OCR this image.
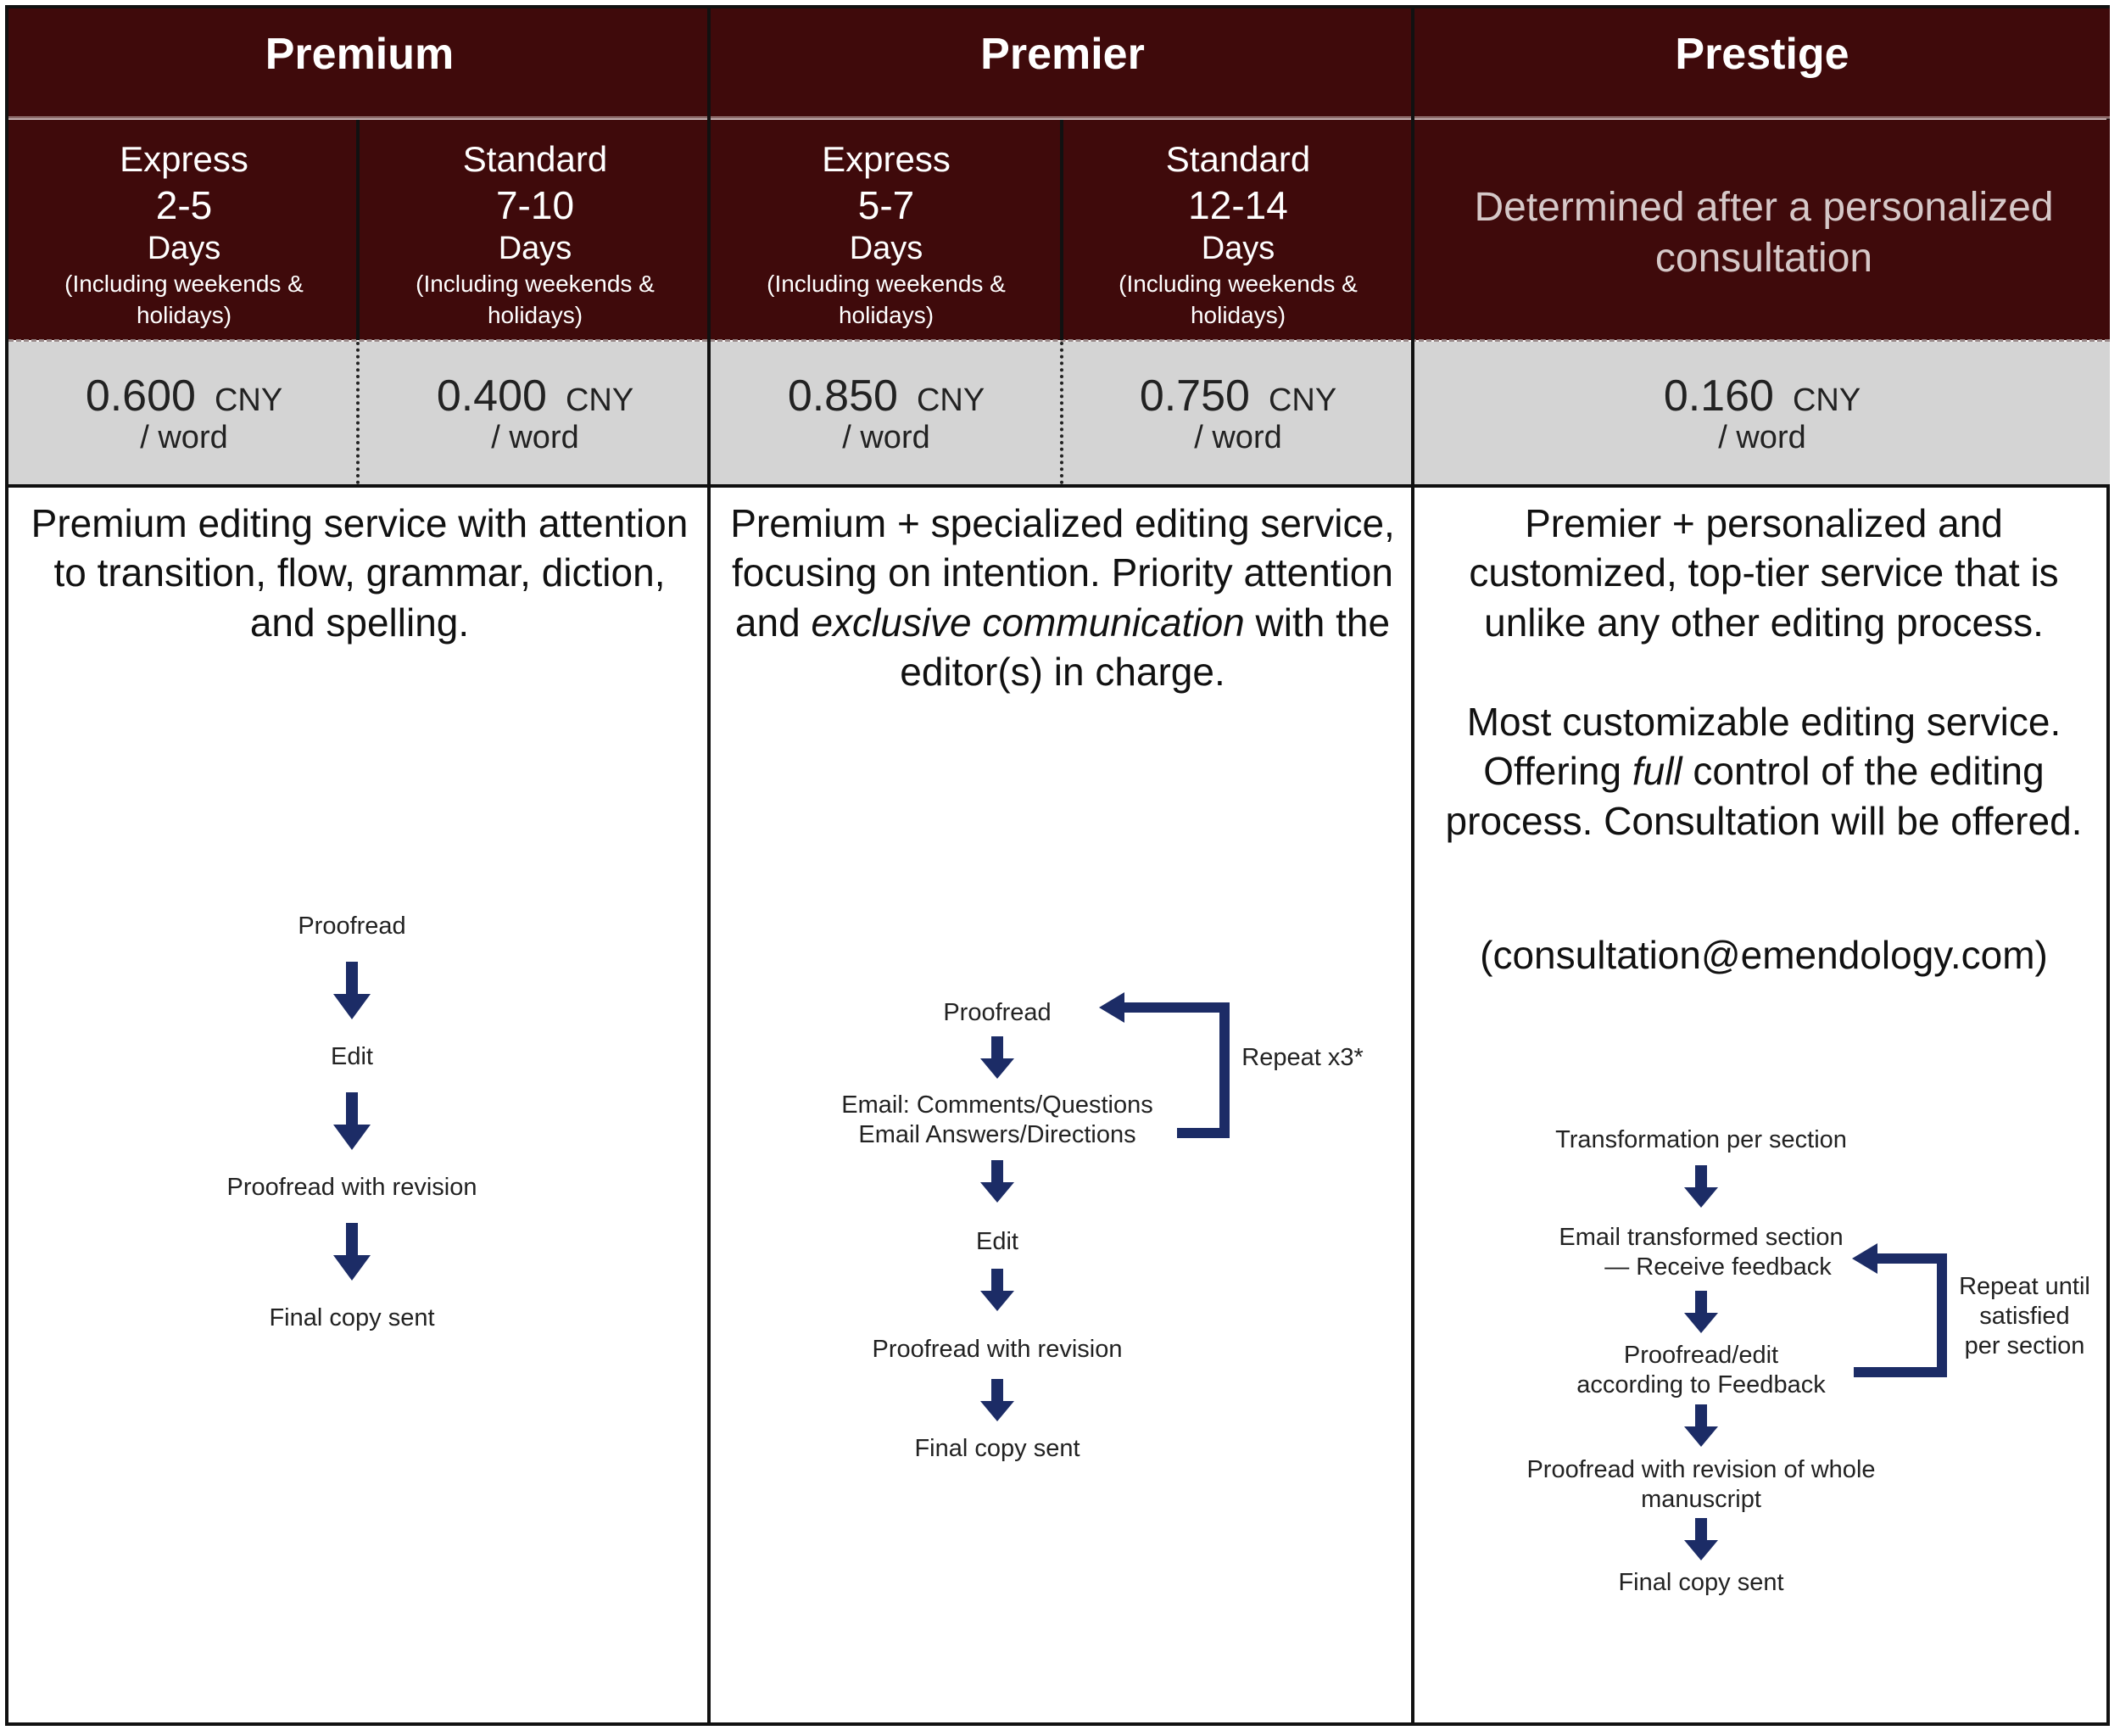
Premium	Premier	Prestige
Express
2-5
Days
(Including weekends &
holidays)
Standard
7-10
Days
(Including weekends &
holidays)
Express
5-7
Days
(Including weekends &
holidays)
Standard
12-14
Days
(Including weekends &
holidays)
Determined after a personalized consultation
0.600 CNY
/ word
0.400 CNY
/ word
0.850 CNY
/ word
0.750 CNY
/ word
0.160 CNY
/ word
Premium editing service with attention to transition, flow, grammar, diction, and spelling.
Premium + specialized editing service, focusing on intention. Priority attention and exclusive communication with the editor(s) in charge.
Premier + personalized and customized, top-tier service that is unlike any other editing process.
Most customizable editing service. Offering full control of the editing process. Consultation will be offered.
(consultation@emendology.com)
Proofread
Edit
Proofread with revision
Final copy sent
Proofread
Email: Comments/Questions
Email Answers/Directions
Edit
Proofread with revision
Final copy sent
Repeat x3*
Transformation per section
Email transformed section
— Receive feedback
Proofread/edit
according to Feedback
Proofread with revision of whole
manuscript
Final copy sent
Repeat until
satisfied
per section
